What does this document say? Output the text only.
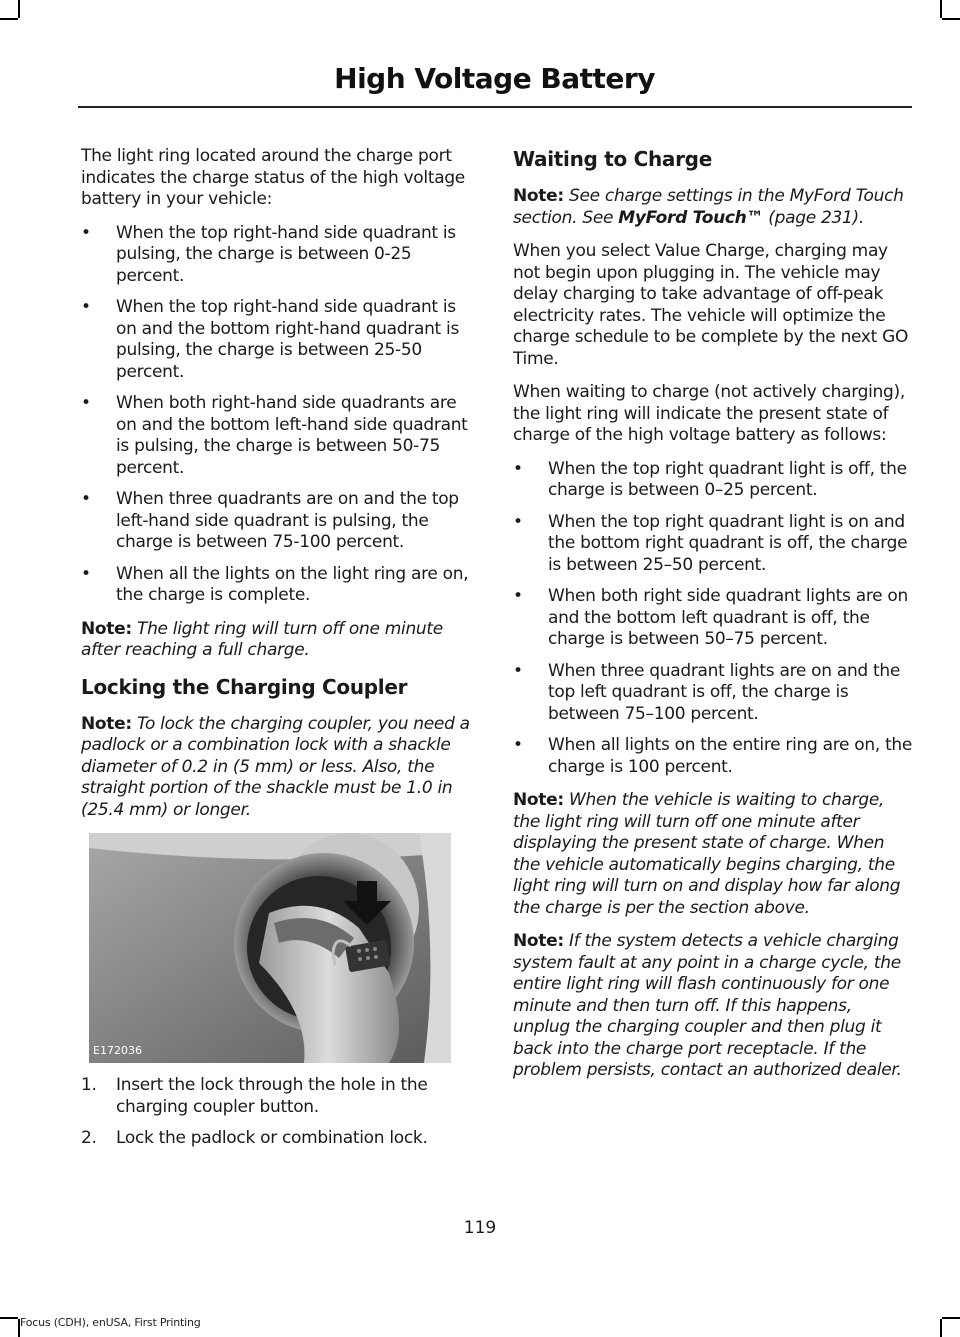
High Voltage Battery

The light ring located around the charge port indicates the charge status of the high voltage battery in your vehicle:

• When the top right-hand side quadrant is pulsing, the charge is between 0-25 percent.
• When the top right-hand side quadrant is on and the bottom right-hand quadrant is pulsing, the charge is between 25-50 percent.
• When both right-hand side quadrants are on and the bottom left-hand side quadrant is pulsing, the charge is between 50-75 percent.
• When three quadrants are on and the top left-hand side quadrant is pulsing, the charge is between 75-100 percent.
• When all the lights on the light ring are on, the charge is complete.

Note: The light ring will turn off one minute after reaching a full charge.

Locking the Charging Coupler

Note: To lock the charging coupler, you need a padlock or a combination lock with a shackle diameter of 0.2 in (5 mm) or less. Also, the straight portion of the shackle must be 1.0 in (25.4 mm) or longer.

E172036
1. Insert the lock through the hole in the charging coupler button.
2. Lock the padlock or combination lock.
Waiting to Charge

Note: See charge settings in the MyFord Touch section. See MyFord Touch™ (page 231).

When you select Value Charge, charging may not begin upon plugging in. The vehicle may delay charging to take advantage of off-peak electricity rates. The vehicle will optimize the charge schedule to be complete by the next GO Time.

When waiting to charge (not actively charging), the light ring will indicate the present state of charge of the high voltage battery as follows:

• When the top right quadrant light is off, the charge is between 0–25 percent.
• When the top right quadrant light is on and the bottom right quadrant is off, the charge is between 25–50 percent.
• When both right side quadrant lights are on and the bottom left quadrant is off, the charge is between 50–75 percent.
• When three quadrant lights are on and the top left quadrant is off, the charge is between 75–100 percent.
• When all lights on the entire ring are on, the charge is 100 percent.

Note: When the vehicle is waiting to charge, the light ring will turn off one minute after displaying the present state of charge. When the vehicle automatically begins charging, the light ring will turn on and display how far along the charge is per the section above.

Note: If the system detects a vehicle charging system fault at any point in a charge cycle, the entire light ring will flash continuously for one minute and then turn off. If this happens, unplug the charging coupler and then plug it back into the charge port receptacle. If the problem persists, contact an authorized dealer.

119
Focus (CDH), enUSA, First Printing
